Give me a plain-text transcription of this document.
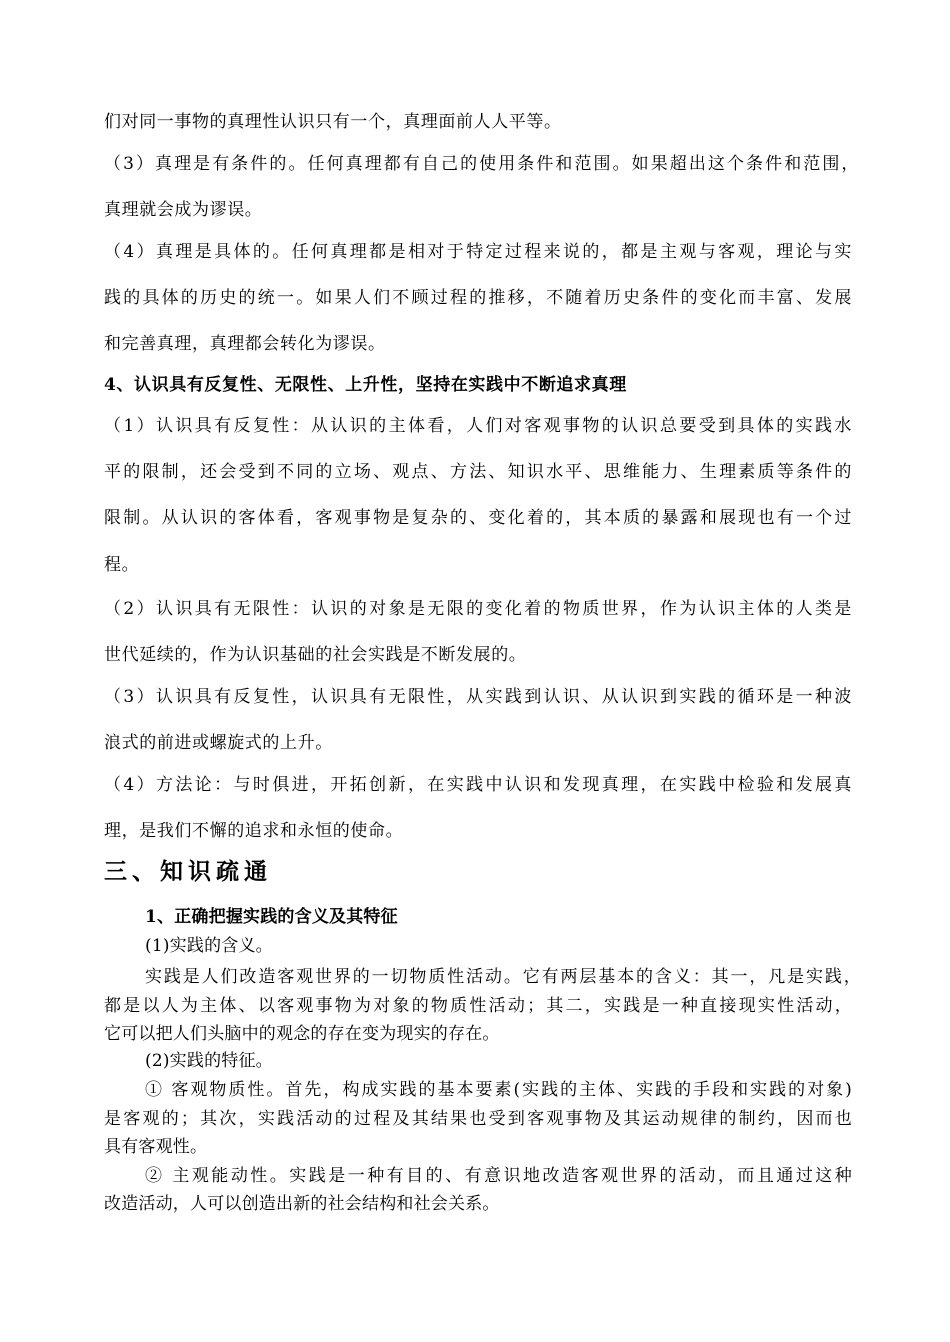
们对同一事物的真理性认识只有一个，真理面前人人平等。
（3）真理是有条件的。任何真理都有自己的使用条件和范围。如果超出这个条件和范围，
真理就会成为谬误。
（4）真理是具体的。任何真理都是相对于特定过程来说的，都是主观与客观，理论与实
践的具体的历史的统一。如果人们不顾过程的推移，不随着历史条件的变化而丰富、发展
和完善真理，真理都会转化为谬误。
4、认识具有反复性、无限性、上升性，坚持在实践中不断追求真理
（1）认识具有反复性：从认识的主体看，人们对客观事物的认识总要受到具体的实践水
平的限制，还会受到不同的立场、观点、方法、知识水平、思维能力、生理素质等条件的
限制。从认识的客体看，客观事物是复杂的、变化着的，其本质的暴露和展现也有一个过
程。
（2）认识具有无限性：认识的对象是无限的变化着的物质世界，作为认识主体的人类是
世代延续的，作为认识基础的社会实践是不断发展的。
（3）认识具有反复性，认识具有无限性，从实践到认识、从认识到实践的循环是一种波
浪式的前进或螺旋式的上升。
（4）方法论：与时俱进，开拓创新，在实践中认识和发现真理，在实践中检验和发展真
理，是我们不懈的追求和永恒的使命。
三、知识疏通
1、正确把握实践的含义及其特征
(1)实践的含义。
实践是人们改造客观世界的一切物质性活动。它有两层基本的含义：其一，凡是实践，
都是以人为主体、以客观事物为对象的物质性活动；其二，实践是一种直接现实性活动，
它可以把人们头脑中的观念的存在变为现实的存在。
(2)实践的特征。
① 客观物质性。首先，构成实践的基本要素(实践的主体、实践的手段和实践的对象)
是客观的；其次，实践活动的过程及其结果也受到客观事物及其运动规律的制约，因而也
具有客观性。
② 主观能动性。实践是一种有目的、有意识地改造客观世界的活动，而且通过这种
改造活动，人可以创造出新的社会结构和社会关系。
